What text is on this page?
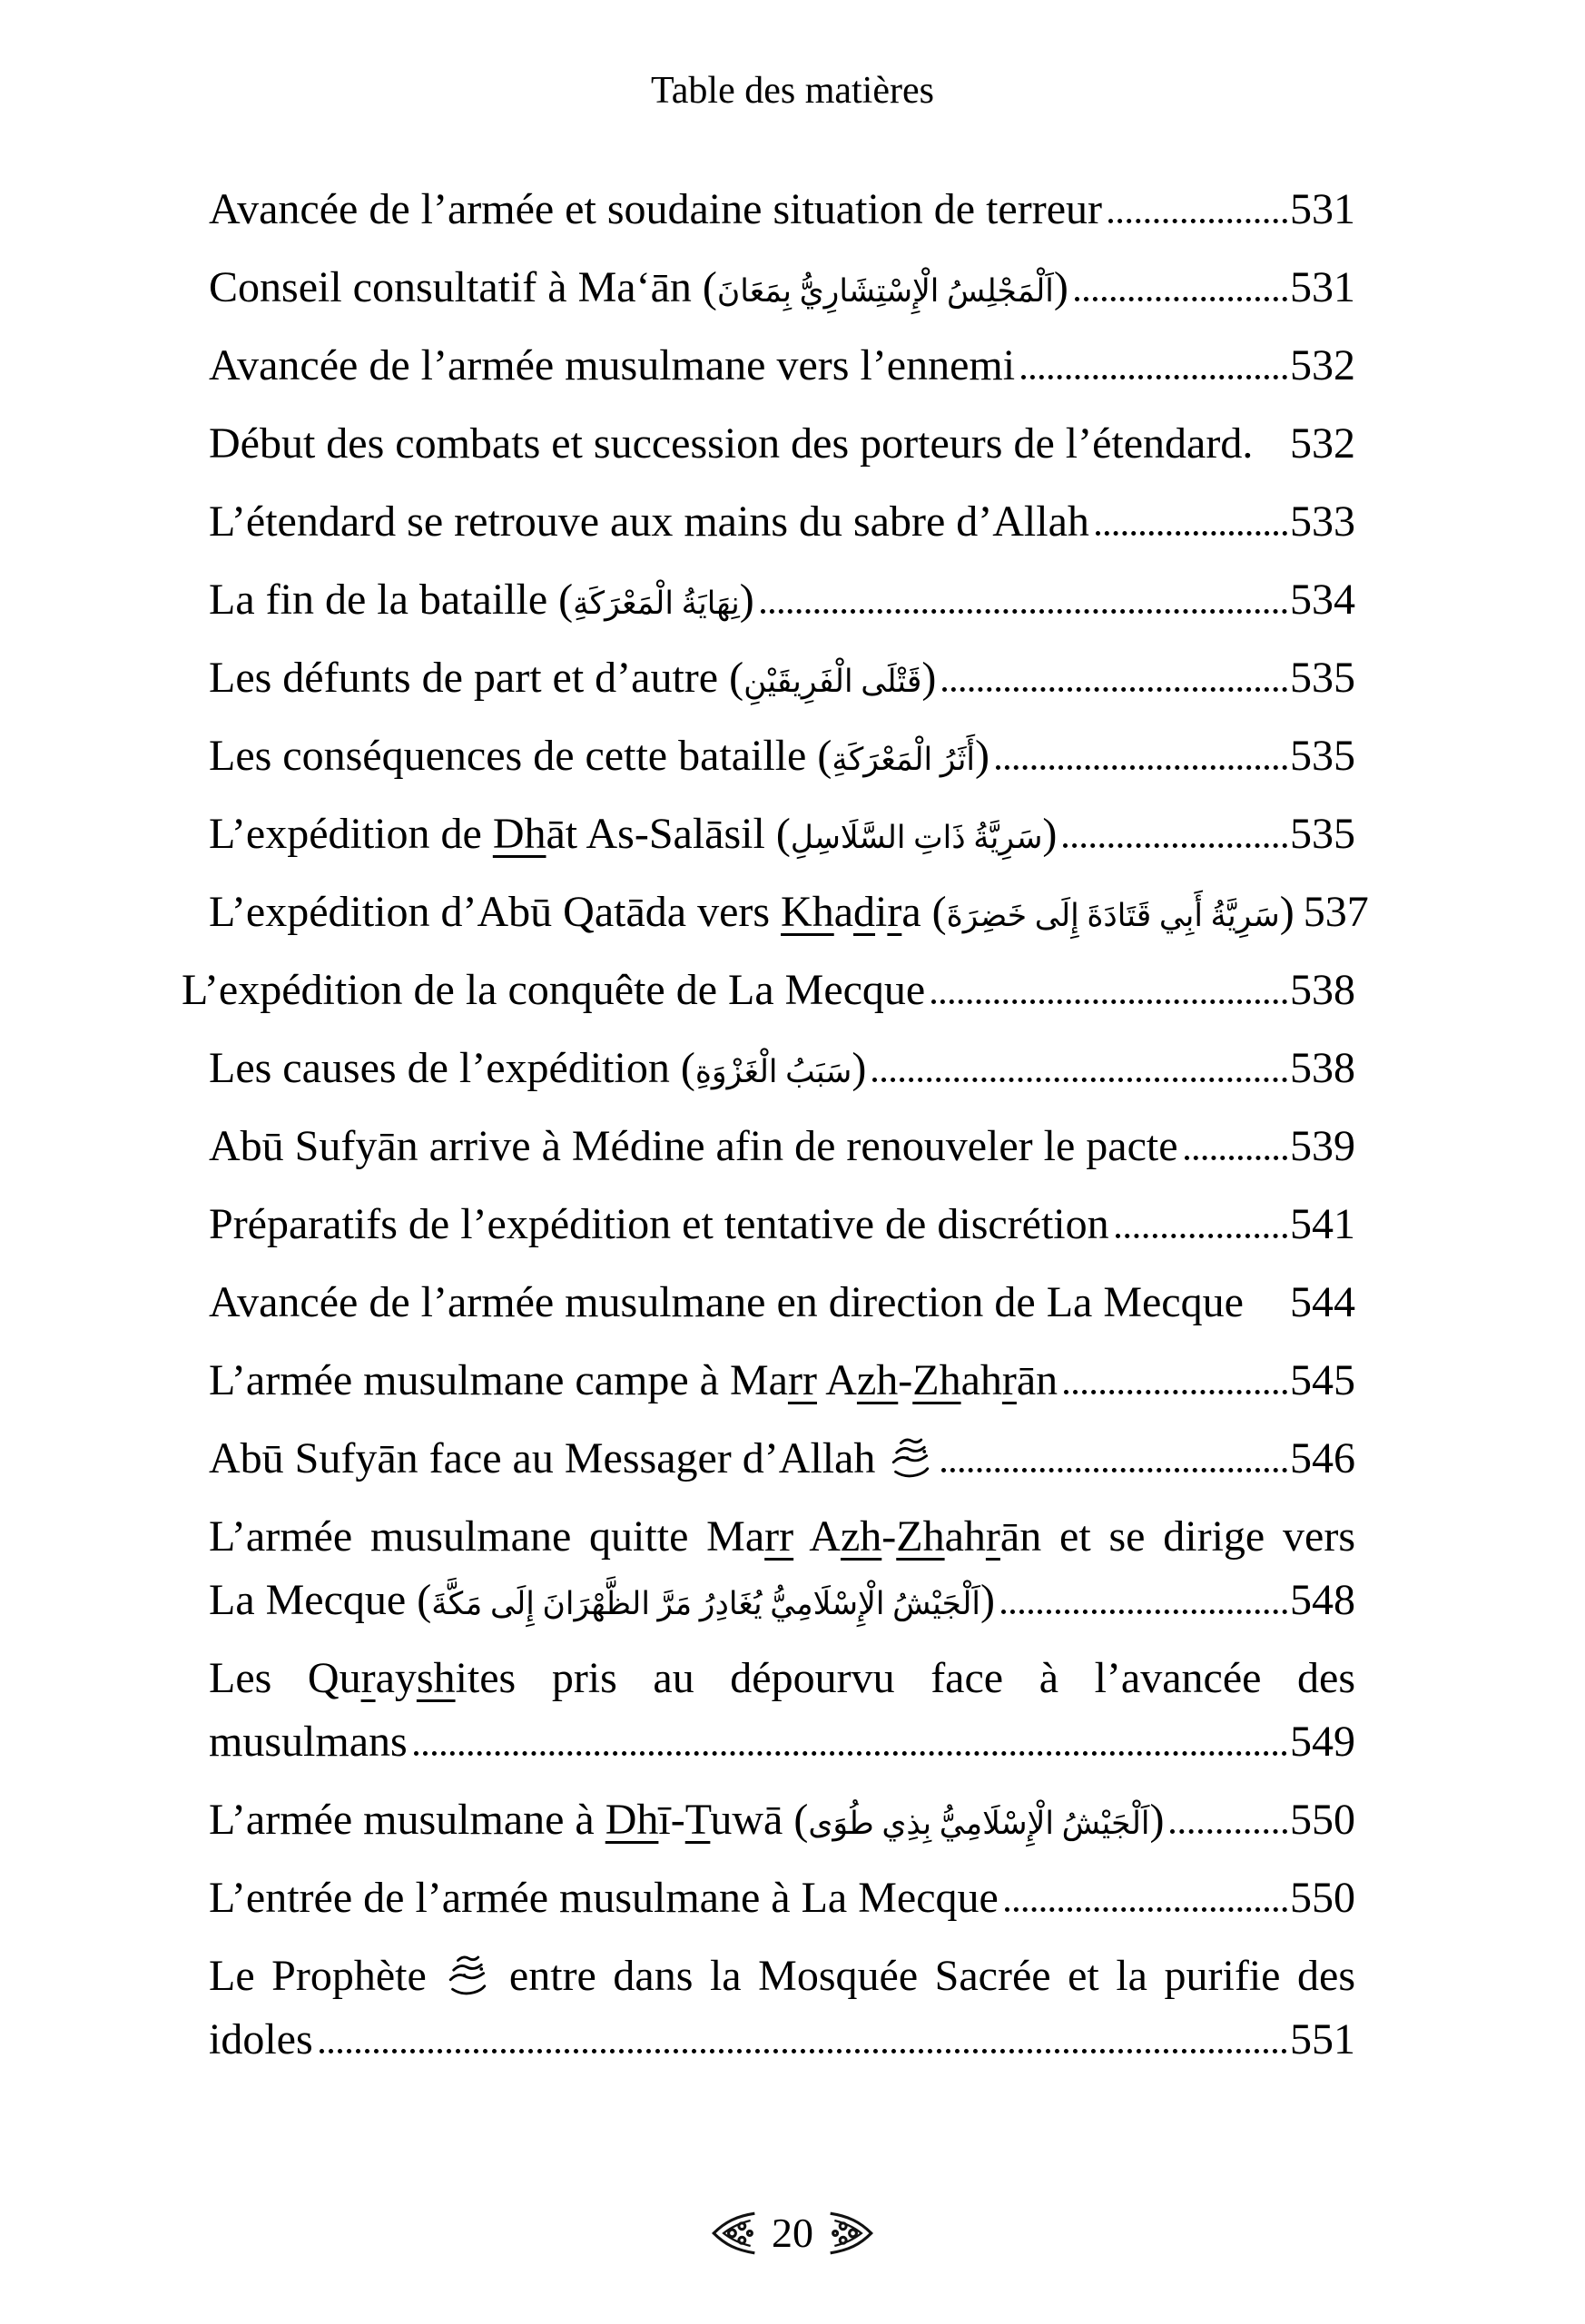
Table des matières
Avancée de l’armée et soudaine situation de terreur	531
Conseil consultatif à Ma‘ān (اَلْمَجْلِسُ الْإِسْتِشَارِيُّ بِمَعَانَ)	531
Avancée de l’armée musulmane vers l’ennemi	532
Début des combats et succession des porteurs de l’étendard. 532
L’étendard se retrouve aux mains du sabre d’Allah	533
La fin de la bataille (نِهَايَةُ الْمَعْرَكَةِ)	534
Les défunts de part et d’autre (قَتْلَى الْفَرِيقَيْنِ)	535
Les conséquences de cette bataille (أَثَرُ الْمَعْرَكَةِ)	535
L’expédition de Dhāt As-Salāsil (سَرِيَّةُ ذَاتِ السَّلَاسِلِ)	535
L’expédition d’Abū Qatāda vers Khadira (سَرِيَّةُ أَبِي قَتَادَةَ إِلَى خَضِرَةَ) 537
L’expédition de la conquête de La Mecque	538
Les causes de l’expédition (سَبَبُ الْغَزْوَةِ)	538
Abū Sufyān arrive à Médine afin de renouveler le pacte	539
Préparatifs de l’expédition et tentative de discrétion	541
Avancée de l’armée musulmane en direction de La Mecque 544
L’armée musulmane campe à Marr Azh-Zhahrān	545
Abū Sufyān face au Messager d’Allah	546
L’armée musulmane quitte Marr Azh-Zhahrān et se dirige vers
La Mecque (اَلْجَيْشُ الْإِسْلَامِيُّ يُغَادِرُ مَرَّ الظَّهْرَانَ إِلَى مَكَّةَ)	548
Les Qurayshites pris au dépourvu face à l’avancée des
musulmans	549
L’armée musulmane à Dhī-Tuwā (اَلْجَيْشُ الْإِسْلَامِيُّ بِذِي طُوَى)	550
L’entrée de l’armée musulmane à La Mecque	550
Le Prophète  entre dans la Mosquée Sacrée et la purifie des
idoles	551
20
